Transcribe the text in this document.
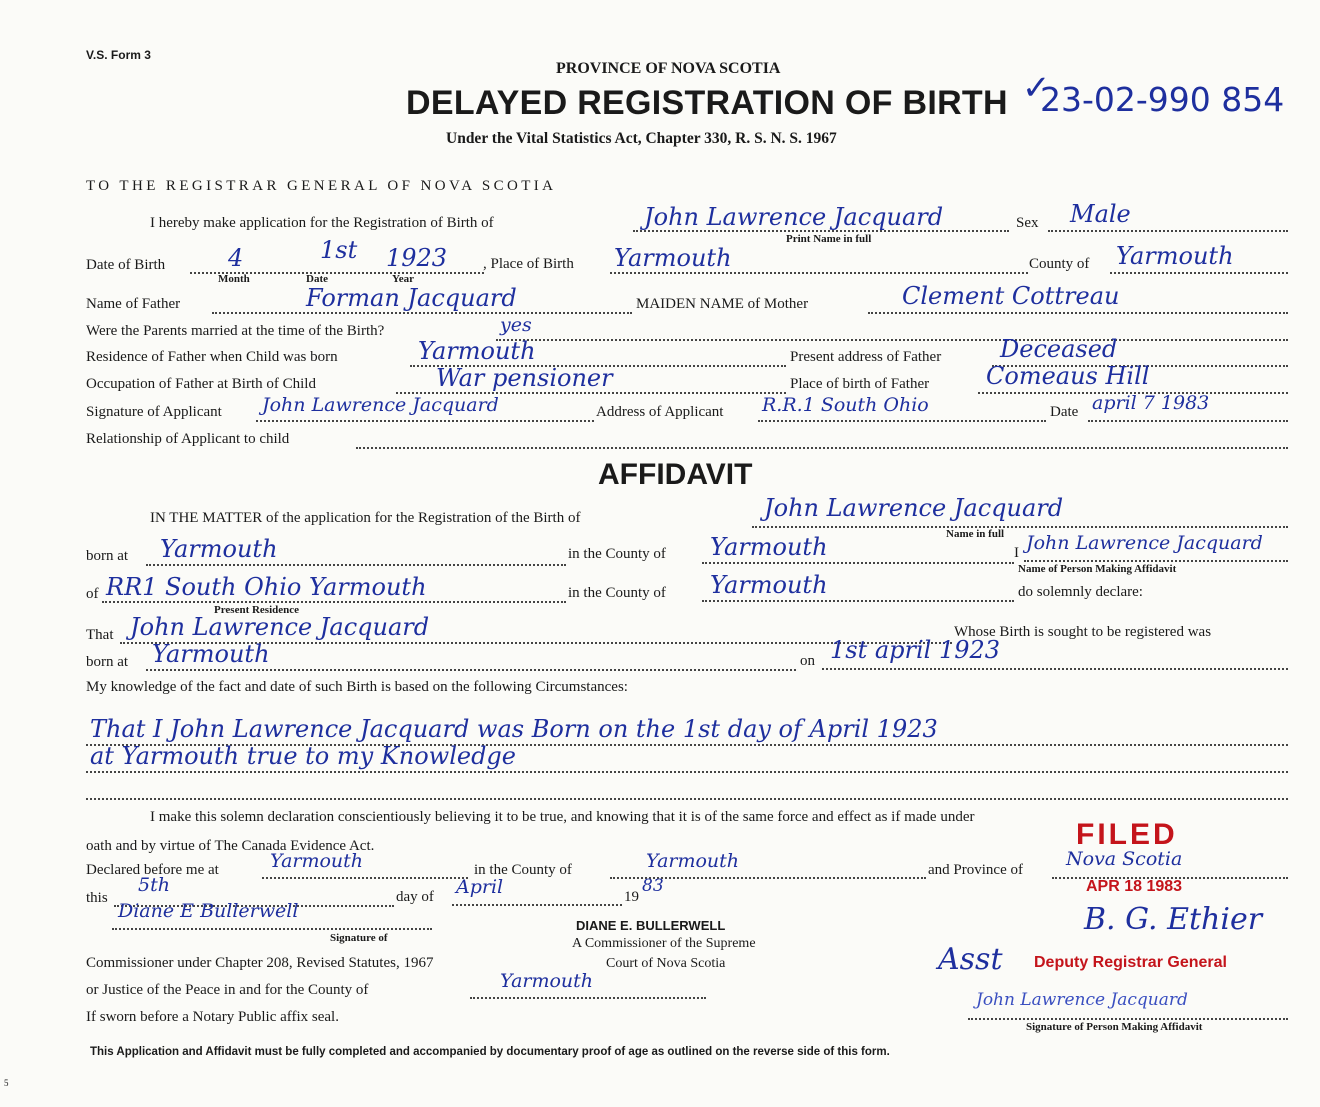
V.S. Form 3
PROVINCE OF NOVA SCOTIA
DELAYED REGISTRATION OF BIRTH 23-02-990 854
✓
Under the Vital Statistics Act, Chapter 330, R. S. N. S. 1967
TO THE REGISTRAR GENERAL OF NOVA SCOTIA
I hereby make application for the Registration of Birth of	John Lawrence Jacquard	Sex Male
Print Name in full
Date of Birth	4	1st 1923
Month	Date	Year
, Place of Birth Yarmouth	County of Yarmouth
Name of Father	Forman Jacquard	MAIDEN NAME of Mother	Clement Cottreau
Were the Parents married at the time of the Birth?	yes
Residence of Father when Child was born	Yarmouth	Present address of Father Deceased
Occupation of Father at Birth of Child	War pensioner	Place of birth of Father Comeaus Hill
Signature of Applicant John Lawrence Jacquard	Address of Applicant R.R.1 South Ohio	Date april 7 1983
Relationship of Applicant to child
AFFIDAVIT
IN THE MATTER of the application for the Registration of the Birth of	John Lawrence Jacquard
Name in full
born at Yarmouth	in the County of Yarmouth	I John Lawrence Jacquard
Name of Person Making Affidavit
of RR1 South Ohio Yarmouth
Present Residence
in the County of Yarmouth	do solemnly declare:
That John Lawrence Jacquard	Whose Birth is sought to be registered was
born at Yarmouth	on 1st april 1923
My knowledge of the fact and date of such Birth is based on the following Circumstances:
That I John Lawrence Jacquard was Born on the 1st day of April 1923
at Yarmouth true to my Knowledge
I make this solemn declaration conscientiously believing it to be true, and knowing that it is of the same force and effect as if made under
oath and by virtue of The Canada Evidence Act.
Declared before me at	Yarmouth	in the County of	Yarmouth	and Province of Nova Scotia
this
5th
day of April	19
83
Diane E Bullerwell
Signature of
DIANE E. BULLERWELL
A Commissioner of the Supreme
Court of Nova Scotia
Commissioner under Chapter 208, Revised Statutes, 1967
or Justice of the Peace in and for the County of	Yarmouth
If sworn before a Notary Public affix seal.
FILED
APR 18 1983
B. G. Ethier
Asst Deputy Registrar General
John Lawrence Jacquard
Signature of Person Making Affidavit
This Application and Affidavit must be fully completed and accompanied by documentary proof of age as outlined on the reverse side of this form.
5
